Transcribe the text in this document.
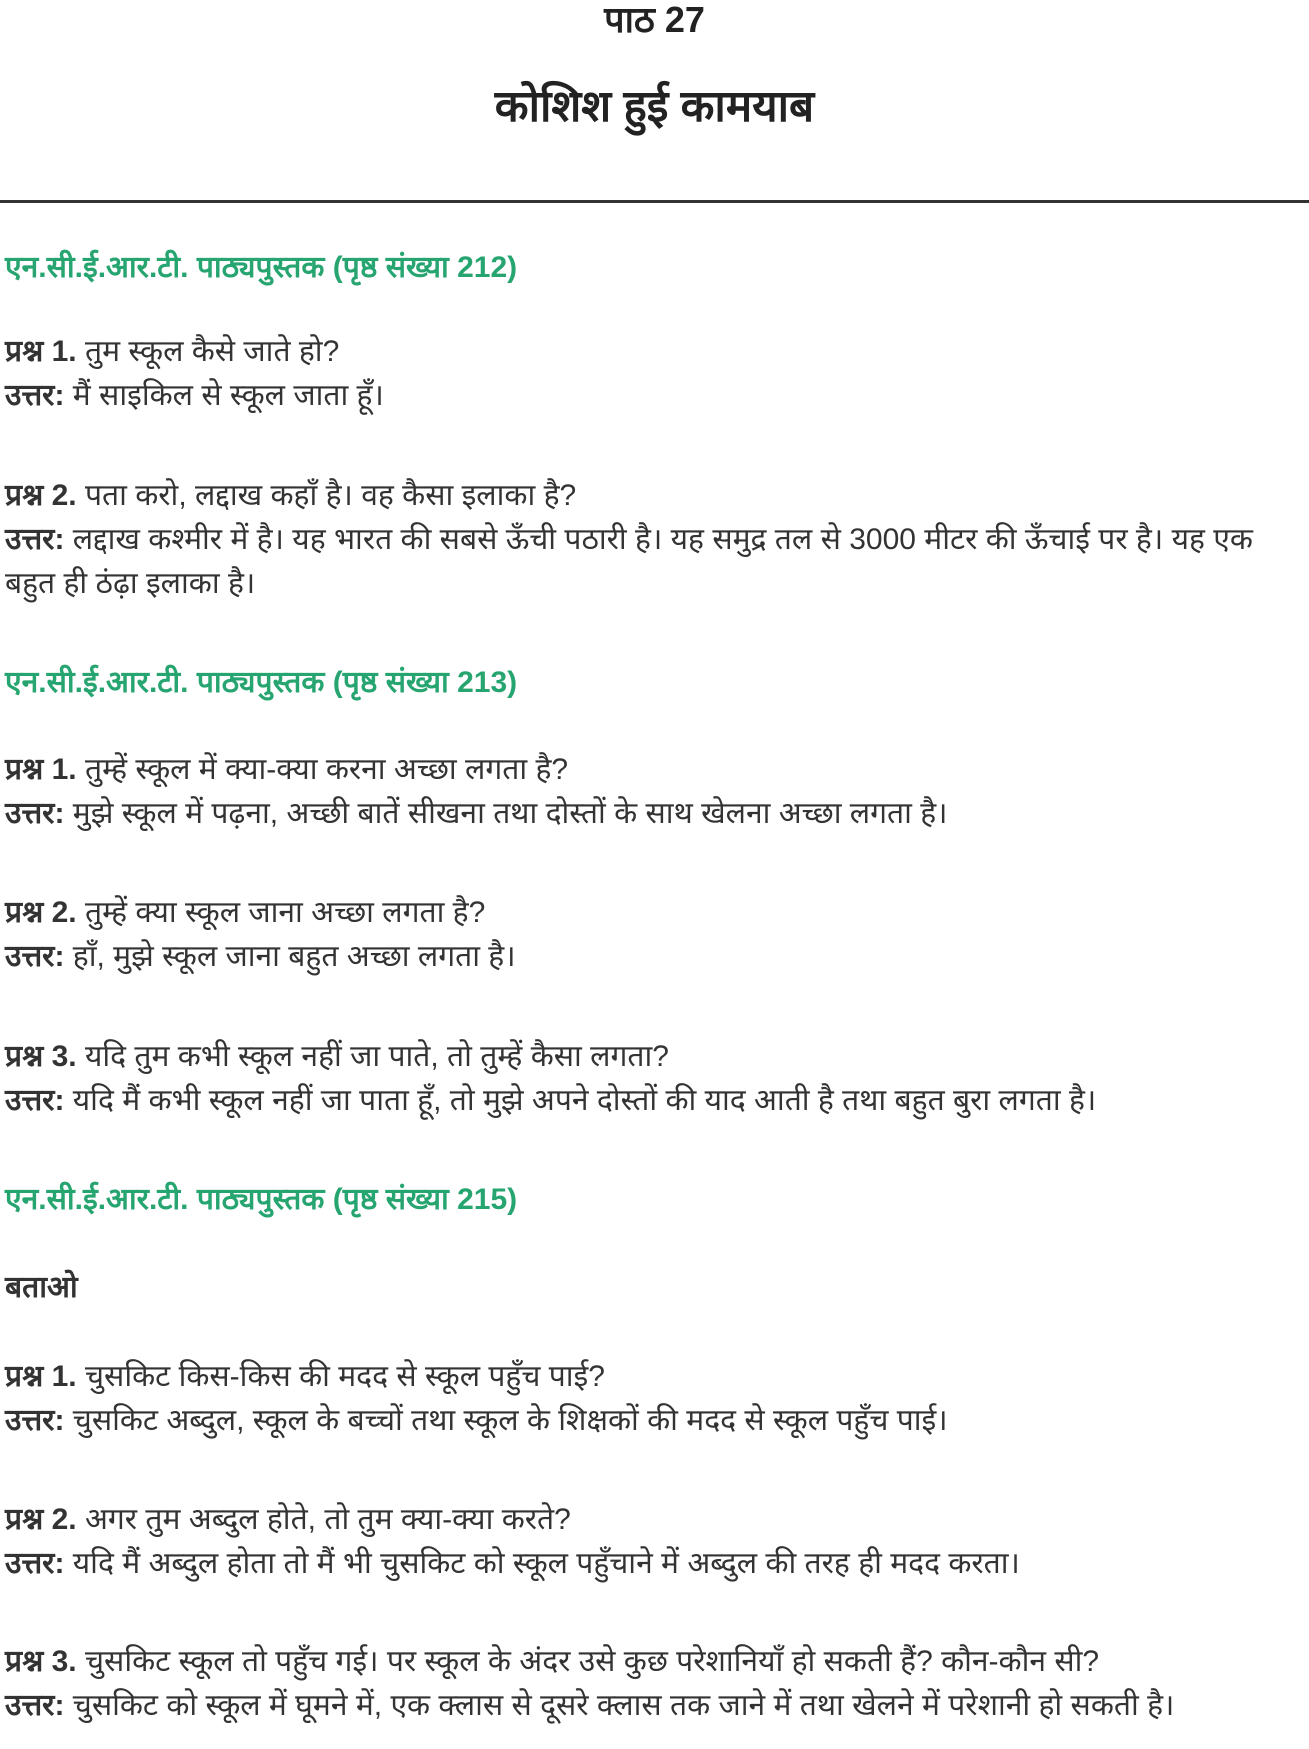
पाठ 27
कोशिश हुई कामयाब
एन.सी.ई.आर.टी. पाठ्यपुस्तक (पृष्ठ संख्या 212)
प्रश्न 1. तुम स्कूल कैसे जाते हो?
उत्तर: मैं साइकिल से स्कूल जाता हूँ।
प्रश्न 2. पता करो, लद्दाख कहाँ है। वह कैसा इलाका है?
उत्तर: लद्दाख कश्मीर में है। यह भारत की सबसे ऊँची पठारी है। यह समुद्र तल से 3000 मीटर की ऊँचाई पर है। यह एक बहुत ही ठंढ़ा इलाका है।
एन.सी.ई.आर.टी. पाठ्यपुस्तक (पृष्ठ संख्या 213)
प्रश्न 1. तुम्हें स्कूल में क्या-क्या करना अच्छा लगता है?
उत्तर: मुझे स्कूल में पढ़ना, अच्छी बातें सीखना तथा दोस्तों के साथ खेलना अच्छा लगता है।
प्रश्न 2. तुम्हें क्या स्कूल जाना अच्छा लगता है?
उत्तर: हाँ, मुझे स्कूल जाना बहुत अच्छा लगता है।
प्रश्न 3. यदि तुम कभी स्कूल नहीं जा पाते, तो तुम्हें कैसा लगता?
उत्तर: यदि मैं कभी स्कूल नहीं जा पाता हूँ, तो मुझे अपने दोस्तों की याद आती है तथा बहुत बुरा लगता है।
एन.सी.ई.आर.टी. पाठ्यपुस्तक (पृष्ठ संख्या 215)
बताओ
प्रश्न 1. चुसकिट किस-किस की मदद से स्कूल पहुँच पाई?
उत्तर: चुसकिट अब्दुल, स्कूल के बच्चों तथा स्कूल के शिक्षकों की मदद से स्कूल पहुँच पाई।
प्रश्न 2. अगर तुम अब्दुल होते, तो तुम क्या-क्या करते?
उत्तर: यदि मैं अब्दुल होता तो मैं भी चुसकिट को स्कूल पहुँचाने में अब्दुल की तरह ही मदद करता।
प्रश्न 3. चुसकिट स्कूल तो पहुँच गई। पर स्कूल के अंदर उसे कुछ परेशानियाँ हो सकती हैं? कौन-कौन सी?
उत्तर: चुसकिट को स्कूल में घूमने में, एक क्लास से दूसरे क्लास तक जाने में तथा खेलने में परेशानी हो सकती है।
